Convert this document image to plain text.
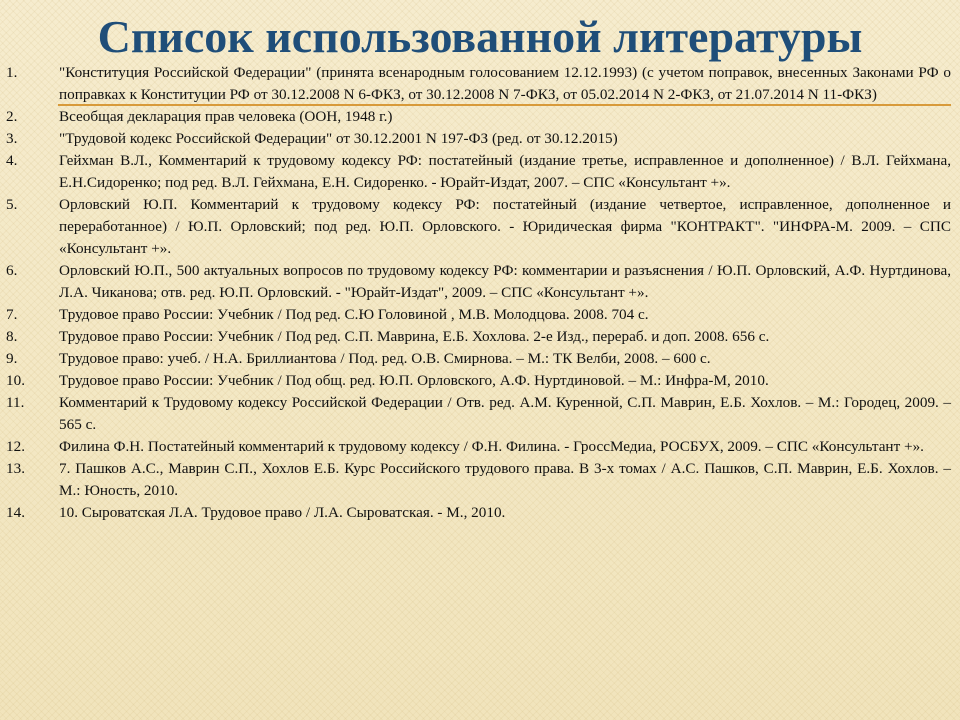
Список использованной литературы
1.	"Конституция Российской Федерации" (принята всенародным голосованием 12.12.1993) (с учетом поправок, внесенных Законами РФ о поправках к Конституции РФ от 30.12.2008 N 6-ФКЗ, от 30.12.2008 N 7-ФКЗ, от 05.02.2014 N 2-ФКЗ, от 21.07.2014 N 11-ФКЗ)
2.	Всеобщая декларация прав человека (ООН, 1948 г.)
3.	"Трудовой кодекс Российской Федерации" от 30.12.2001 N 197-ФЗ (ред. от 30.12.2015)
4.	Гейхман В.Л., Комментарий к трудовому кодексу РФ: постатейный (издание третье, исправленное и дополненное) / В.Л. Гейхмана, Е.Н.Сидоренко; под ред. В.Л. Гейхмана, Е.Н. Сидоренко. - Юрайт-Издат, 2007. – СПС «Консультант +».
5.	Орловский Ю.П. Комментарий к трудовому кодексу РФ: постатейный (издание четвертое, исправленное, дополненное и переработанное) / Ю.П. Орловский; под ред. Ю.П. Орловского. - Юридическая фирма "КОНТРАКТ". "ИНФРА-М. 2009. – СПС «Консультант +».
6.	Орловский Ю.П., 500 актуальных вопросов по трудовому кодексу РФ: комментарии и разъяснения / Ю.П. Орловский, А.Ф. Нуртдинова, Л.А. Чиканова; отв. ред. Ю.П. Орловский. - "Юрайт-Издат", 2009. – СПС «Консультант +».
7.	Трудовое право России: Учебник / Под ред. С.Ю Головиной , М.В. Молодцова. 2008. 704 с.
8.	Трудовое право России: Учебник / Под ред. С.П. Маврина, Е.Б. Хохлова. 2-е Изд., перераб. и доп. 2008. 656 с.
9.	Трудовое право: учеб. / Н.А. Бриллиантова / Под. ред. О.В. Смирнова. – М.: ТК Велби, 2008. – 600 с.
10.	Трудовое право России: Учебник / Под общ. ред. Ю.П. Орловского, А.Ф. Нуртдиновой. – М.: Инфра-М, 2010.
11.	Комментарий к Трудовому кодексу Российской Федерации / Отв. ред. А.М. Куренной, С.П. Маврин, Е.Б. Хохлов. – М.: Городец, 2009. – 565 с.
12.	Филина Ф.Н. Постатейный комментарий к трудовому кодексу / Ф.Н. Филина. - ГроссМедиа, РОСБУХ, 2009. – СПС «Консультант +».
13.	7. Пашков А.С., Маврин С.П., Хохлов Е.Б. Курс Российского трудового права. В 3-х томах / А.С. Пашков, С.П. Маврин, Е.Б. Хохлов. – М.: Юность, 2010.
14.	10. Сыроватская Л.А. Трудовое право / Л.А. Сыроватская. - М., 2010.
